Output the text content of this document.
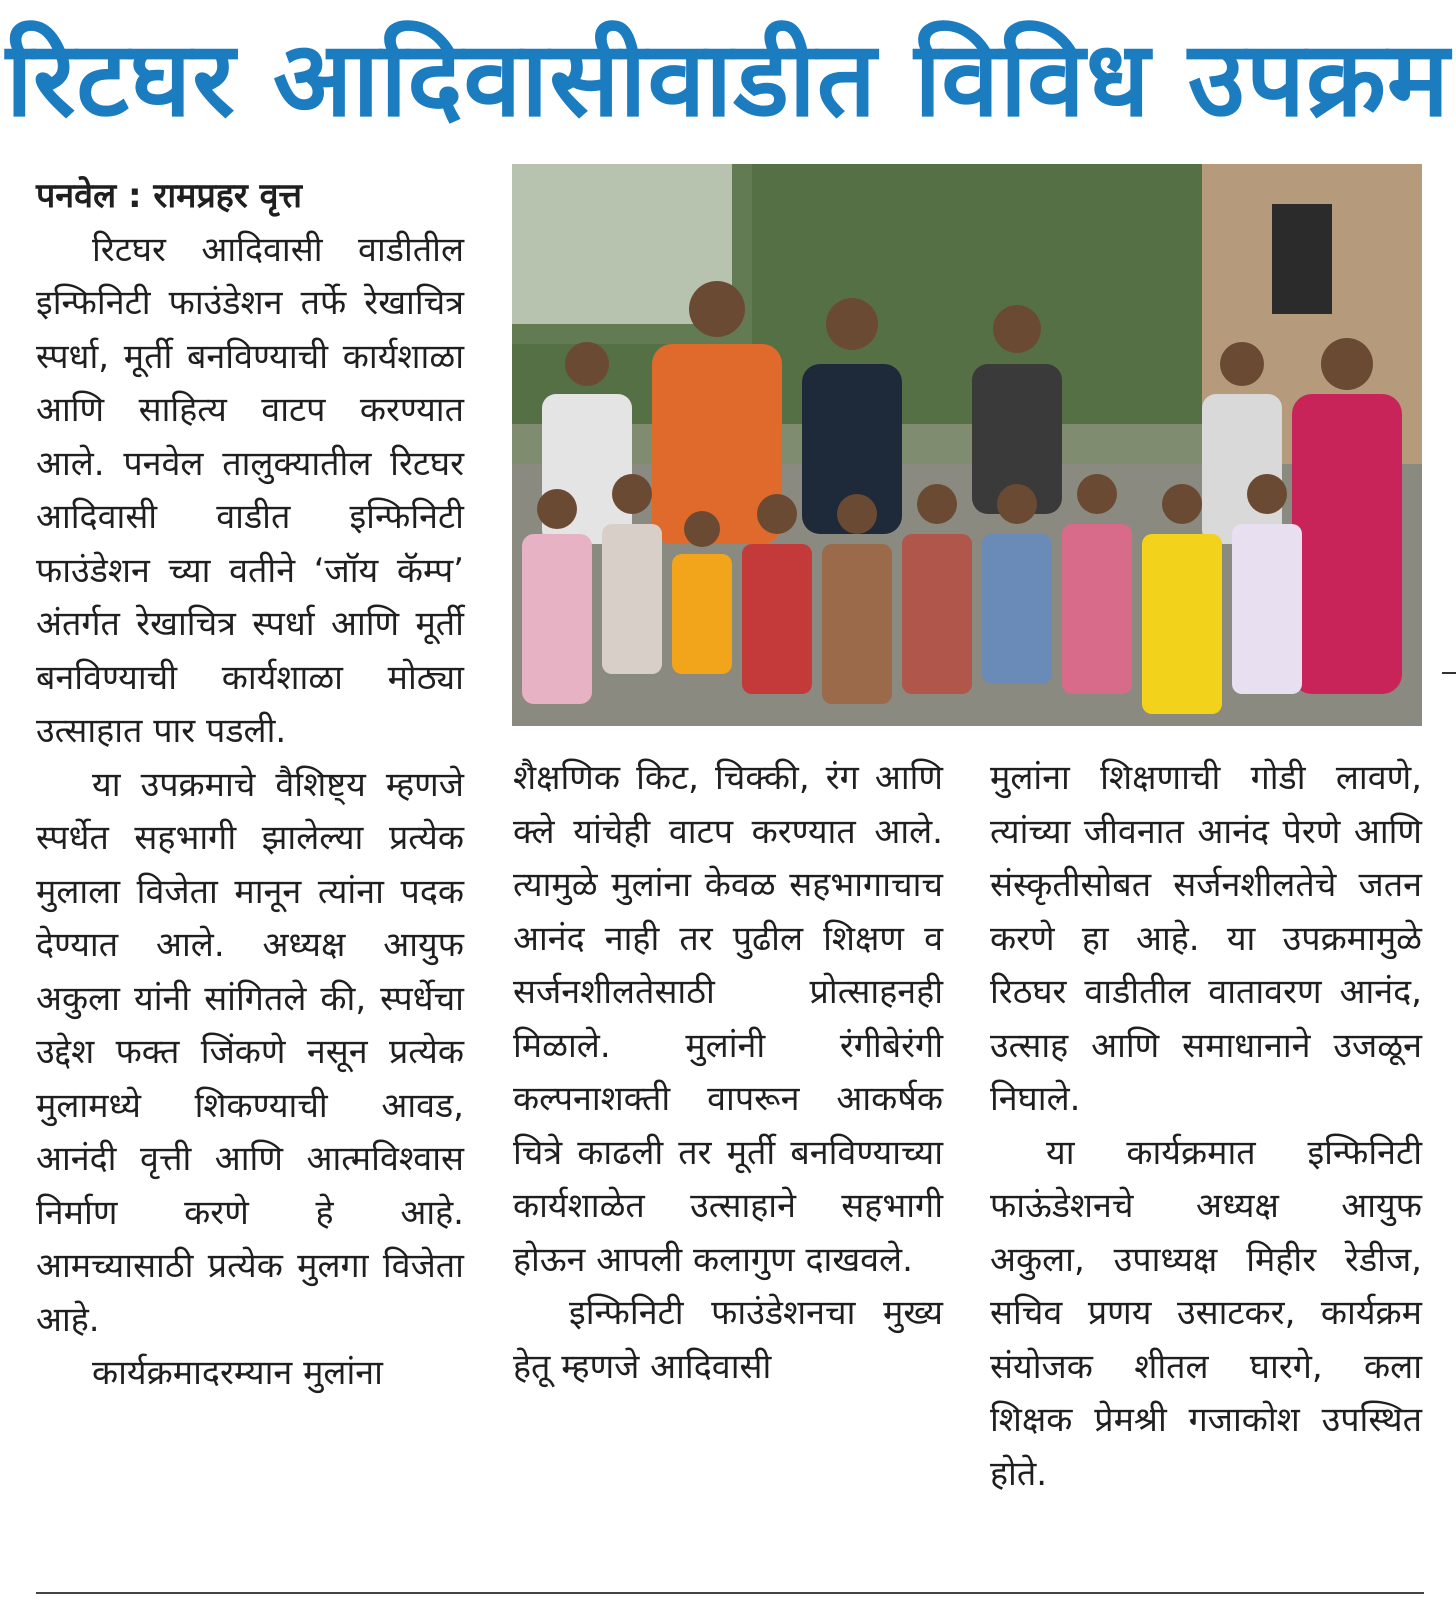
रिटघर आदिवासीवाडीत विविध उपक्रम

पनवेल : रामप्रहर वृत्त

रिटघर आदिवासी वाडीतील इन्फिनिटी फाउंडेशन तर्फे रेखाचित्र स्पर्धा, मूर्ती बनविण्याची कार्यशाळा आणि साहित्य वाटप करण्यात आले. पनवेल तालुक्यातील रिटघर आदिवासी वाडीत इन्फिनिटी फाउंडेशन च्या वतीने ‘जॉय कॅम्प’ अंतर्गत रेखाचित्र स्पर्धा आणि मूर्ती बनविण्याची कार्यशाळा मोठ्या उत्साहात पार पडली.

या उपक्रमाचे वैशिष्ट्य म्हणजे स्पर्धेत सहभागी झालेल्या प्रत्येक मुलाला विजेता मानून त्यांना पदक देण्यात आले. अध्यक्ष आयुफ अकुला यांनी सांगितले की, स्पर्धेचा उद्देश फक्त जिंकणे नसून प्रत्येक मुलामध्ये शिकण्याची आवड, आनंदी वृत्ती आणि आत्मविश्वास निर्माण करणे हे आहे. आमच्यासाठी प्रत्येक मुलगा विजेता आहे.

कार्यक्रमादरम्यान मुलांना

शैक्षणिक किट, चिक्की, रंग आणि क्ले यांचेही वाटप करण्यात आले. त्यामुळे मुलांना केवळ सहभागाचाच आनंद नाही तर पुढील शिक्षण व सर्जनशीलतेसाठी प्रोत्साहनही मिळाले. मुलांनी रंगीबेरंगी कल्पनाशक्ती वापरून आकर्षक चित्रे काढली तर मूर्ती बनविण्याच्या कार्यशाळेत उत्साहाने सहभागी होऊन आपली कलागुण दाखवले.

इन्फिनिटी फाउंडेशनचा मुख्य हेतू म्हणजे आदिवासी

मुलांना शिक्षणाची गोडी लावणे, त्यांच्या जीवनात आनंद पेरणे आणि संस्कृतीसोबत सर्जनशीलतेचे जतन करणे हा आहे. या उपक्रमामुळे रिठघर वाडीतील वातावरण आनंद, उत्साह आणि समाधानाने उजळून निघाले.

या कार्यक्रमात इन्फिनिटी फाऊंडेशनचे अध्यक्ष आयुफ अकुला, उपाध्यक्ष मिहीर रेडीज, सचिव प्रणय उसाटकर, कार्यक्रम संयोजक शीतल घारगे, कला शिक्षक प्रेमश्री गजाकोश उपस्थित होते.
